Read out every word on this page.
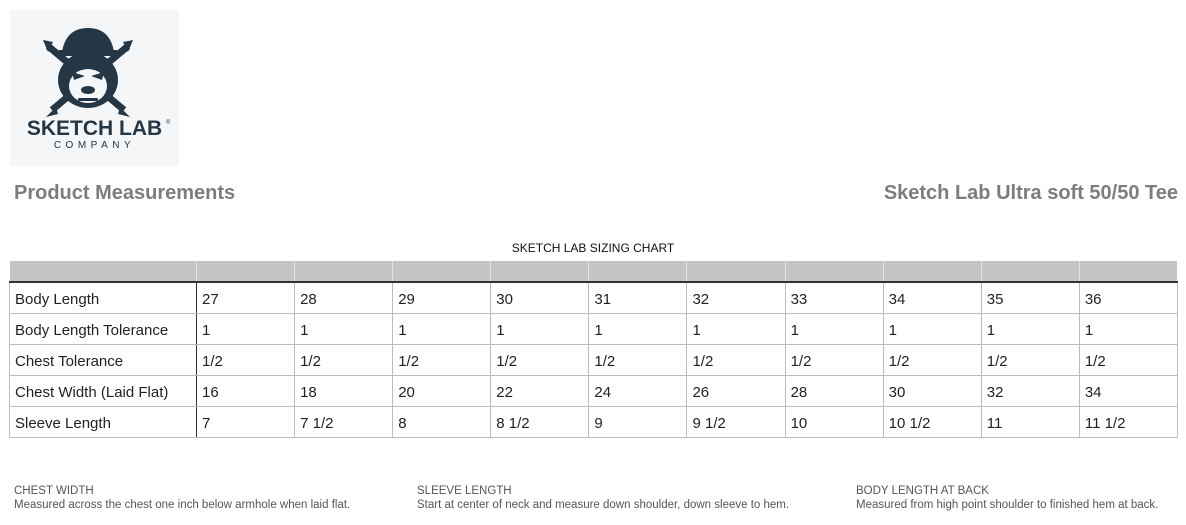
SKETCH LAB ®
COMPANY
Product Measurements	Sketch Lab Ultra soft 50/50 Tee
SKETCH LAB SIZING CHART

Body Length	27	28	29	30	31	32	33	34	35	36
Body Length Tolerance	1	1	1	1	1	1	1	1	1	1
Chest Tolerance	1/2	1/2	1/2	1/2	1/2	1/2	1/2	1/2	1/2	1/2
Chest Width (Laid Flat)	16	18	20	22	24	26	28	30	32	34
Sleeve Length	7	7 1/2	8	8 1/2	9	9 1/2	10	10 1/2	11	11 1/2
CHEST WIDTH
Measured across the chest one inch below armhole when laid flat.
SLEEVE LENGTH
Start at center of neck and measure down shoulder, down sleeve to hem.
BODY LENGTH AT BACK
Measured from high point shoulder to finished hem at back.
